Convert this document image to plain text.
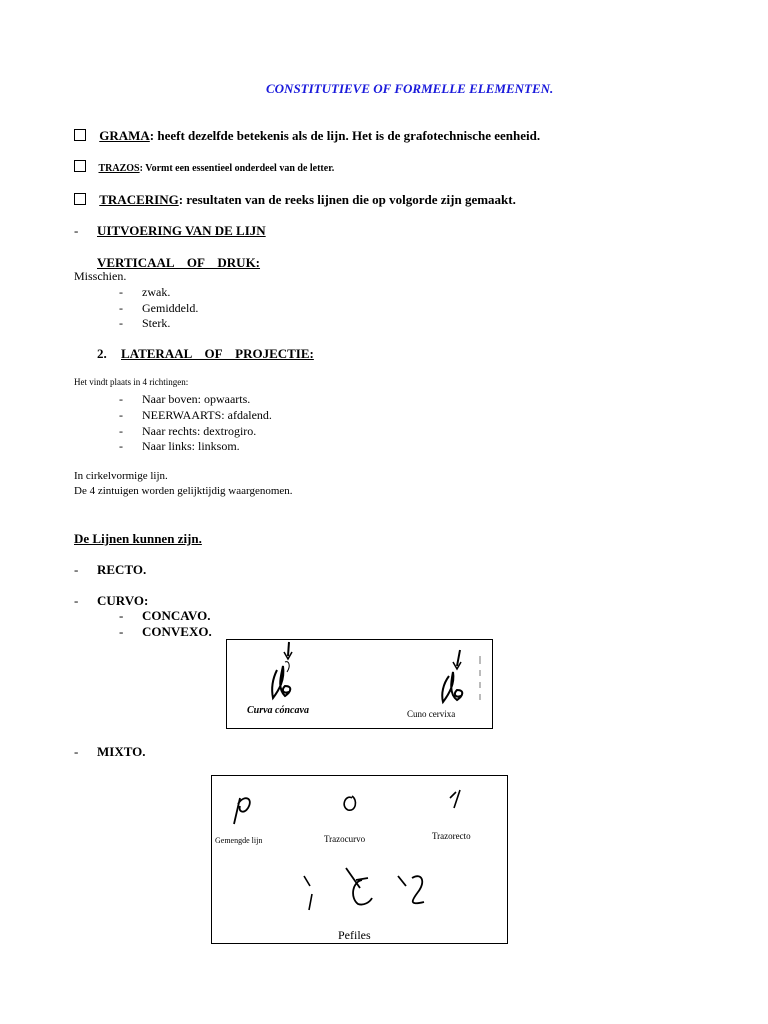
CONSTITUTIEVE OF FORMELLE ELEMENTEN.
GRAMA: heeft dezelfde betekenis als de lijn. Het is de grafotechnische eenheid.
TRAZOS: Vormt een essentieel onderdeel van de letter.
TRACERING: resultaten van de reeks lijnen die op volgorde zijn gemaakt.
- UITVOERING VAN DE LIJN
VERTICAAL    OF    DRUK:
Misschien.
- zwak.
- Gemiddeld.
- Sterk.
2. LATERAAL    OF    PROJECTIE:
Het vindt plaats in 4 richtingen:
- Naar boven: opwaarts.
- NEERWAARTS: afdalend.
- Naar rechts: dextrogiro.
- Naar links: linksom.
In cirkelvormige lijn.
De 4 zintuigen worden gelijktijdig waargenomen.
De Lijnen kunnen zijn.
- RECTO.
- CURVO:
- CONCAVO.
- CONVEXO.
Curva cóncava	Cuno cervixa
- MIXTO.
Gemengde lijn	Trazocurvo	Trazorecto
Pefiles
